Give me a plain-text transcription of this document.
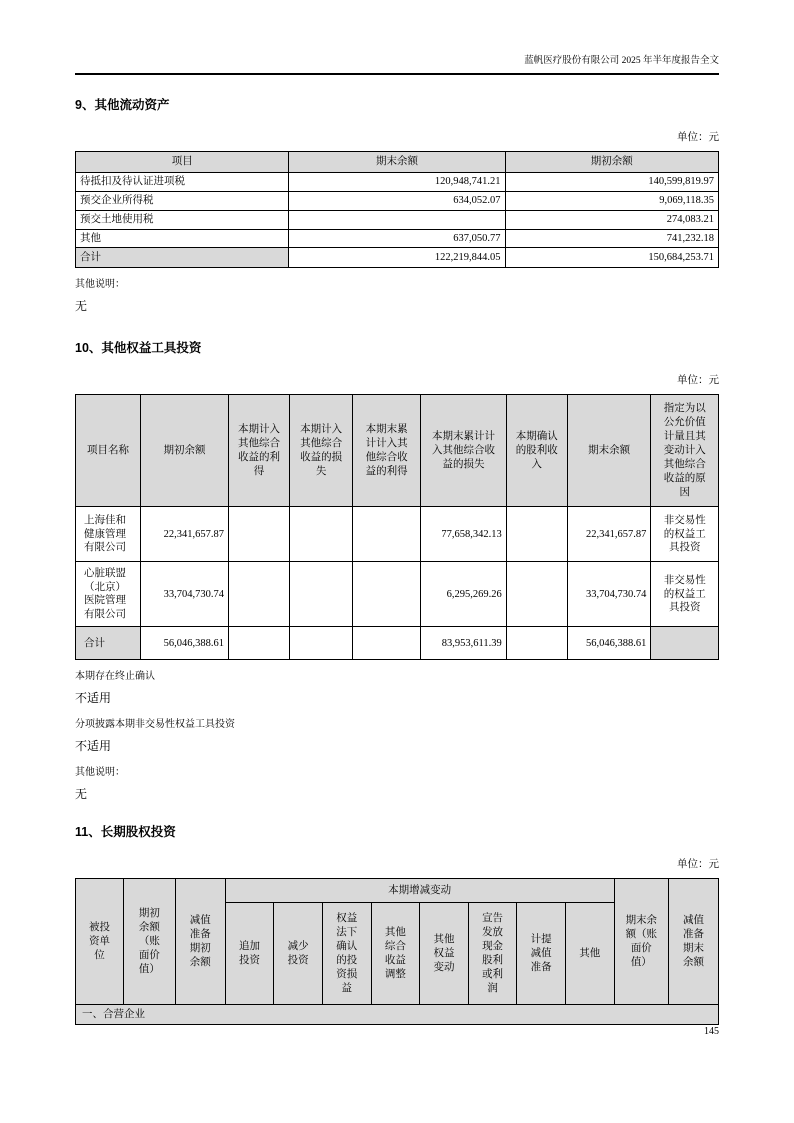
蓝帆医疗股份有限公司 2025 年半年度报告全文
9、其他流动资产
单位：元
项目	期末余额	期初余额
待抵扣及待认证进项税	120,948,741.21	140,599,819.97
预交企业所得税	634,052.07	9,069,118.35
预交土地使用税		274,083.21
其他	637,050.77	741,232.18
合计	122,219,844.05	150,684,253.71
其他说明：
无
10、其他权益工具投资
单位：元
项目名称	期初余额	本期计入其他综合收益的利得	本期计入其他综合收益的损失	本期末累计计入其他综合收益的利得	本期末累计计入其他综合收益的损失	本期确认的股利收入	期末余额	指定为以公允价值计量且其变动计入其他综合收益的原因
上海佳和健康管理有限公司	22,341,657.87				77,658,342.13		22,341,657.87	非交易性的权益工具投资
心脏联盟（北京）医院管理有限公司	33,704,730.74				6,295,269.26		33,704,730.74	非交易性的权益工具投资
合计	56,046,388.61				83,953,611.39		56,046,388.61	
本期存在终止确认
不适用
分项披露本期非交易性权益工具投资
不适用
其他说明：
无
11、长期股权投资
单位：元
被投资单位	期初余额（账面价值）	减值准备期初余额	本期增减变动								期末余额（账面价值）	减值准备期末余额
			追加投资	减少投资	权益法下确认的投资损益	其他综合收益调整	其他权益变动	宣告发放现金股利或利润	计提减值准备	其他		
一、合营企业												
145
